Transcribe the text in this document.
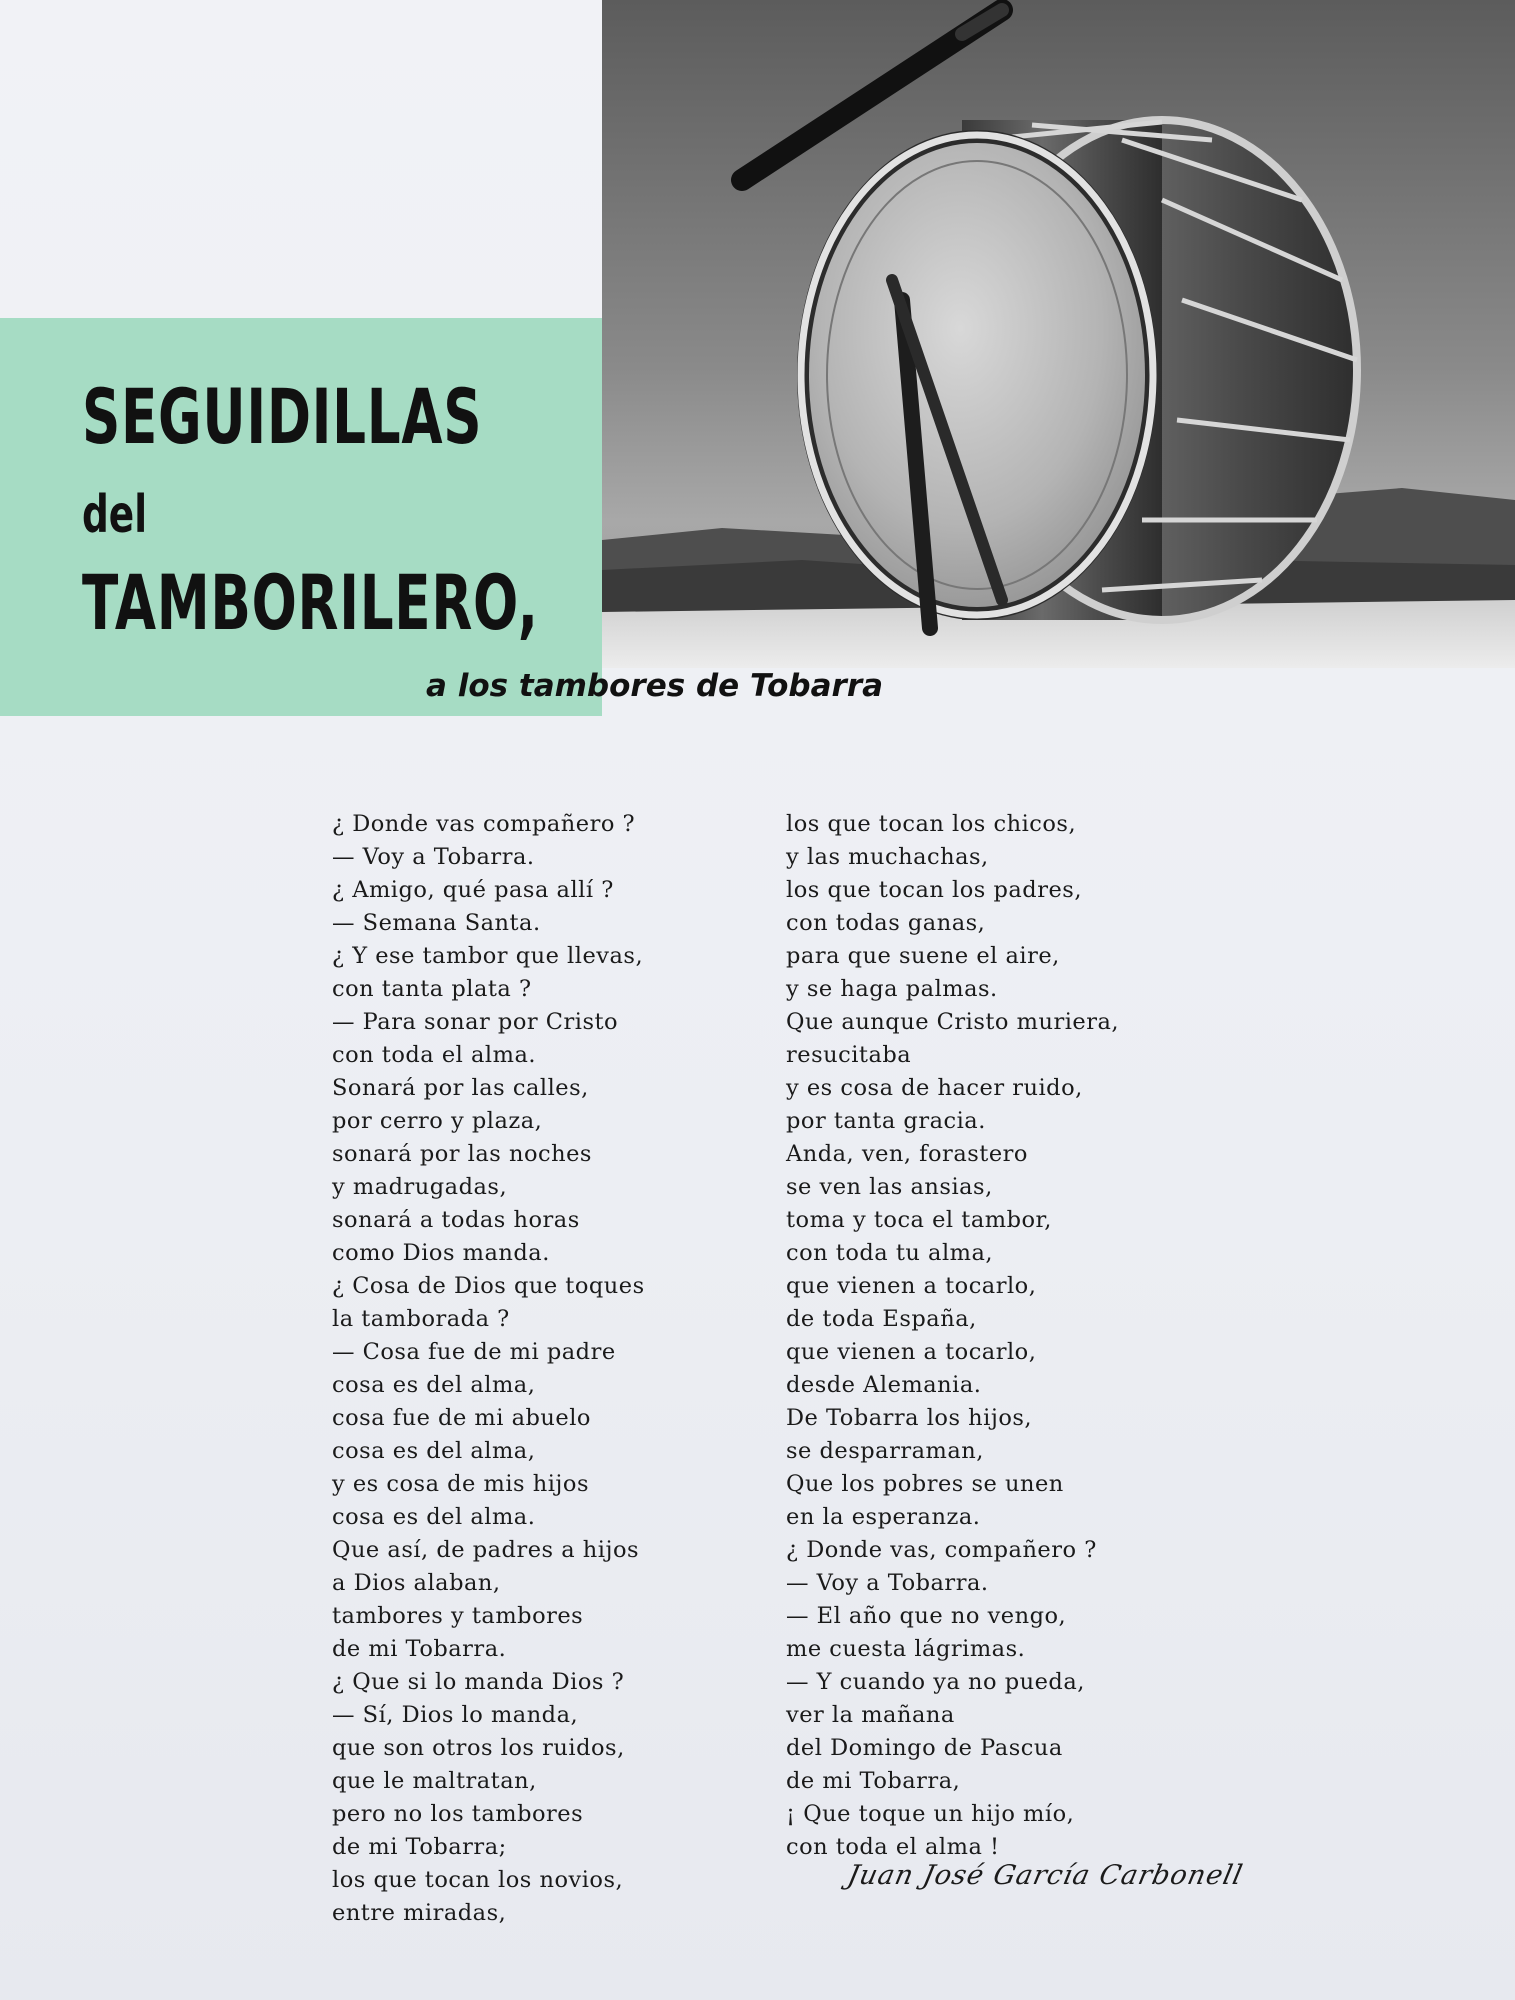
SEGUIDILLAS
del
TAMBORILERO,

a los tambores de Tobarra

¿ Donde vas compañero ?
— Voy a Tobarra.
¿ Amigo, qué pasa allí ?
— Semana Santa.
¿ Y ese tambor que llevas,
con tanta plata ?
— Para sonar por Cristo
con toda el alma.
Sonará por las calles,
por cerro y plaza,
sonará por las noches
y madrugadas,
sonará a todas horas
como Dios manda.
¿ Cosa de Dios que toques
la tamborada ?
— Cosa fue de mi padre
cosa es del alma,
cosa fue de mi abuelo
cosa es del alma,
y es cosa de mis hijos
cosa es del alma.
Que así, de padres a hijos
a Dios alaban,
tambores y tambores
de mi Tobarra.
¿ Que si lo manda Dios ?
— Sí, Dios lo manda,
que son otros los ruidos,
que le maltratan,
pero no los tambores
de mi Tobarra;
los que tocan los novios,
entre miradas,
los que tocan los chicos,
y las muchachas,
los que tocan los padres,
con todas ganas,
para que suene el aire,
y se haga palmas.
Que aunque Cristo muriera,
resucitaba
y es cosa de hacer ruido,
por tanta gracia.
Anda, ven, forastero
se ven las ansias,
toma y toca el tambor,
con toda tu alma,
que vienen a tocarlo,
de toda España,
que vienen a tocarlo,
desde Alemania.
De Tobarra los hijos,
se desparraman,
Que los pobres se unen
en la esperanza.
¿ Donde vas, compañero ?
— Voy a Tobarra.
— El año que no vengo,
me cuesta lágrimas.
— Y cuando ya no pueda,
ver la mañana
del Domingo de Pascua
de mi Tobarra,
¡ Que toque un hijo mío,
con toda el alma !

Juan José García Carbonell
